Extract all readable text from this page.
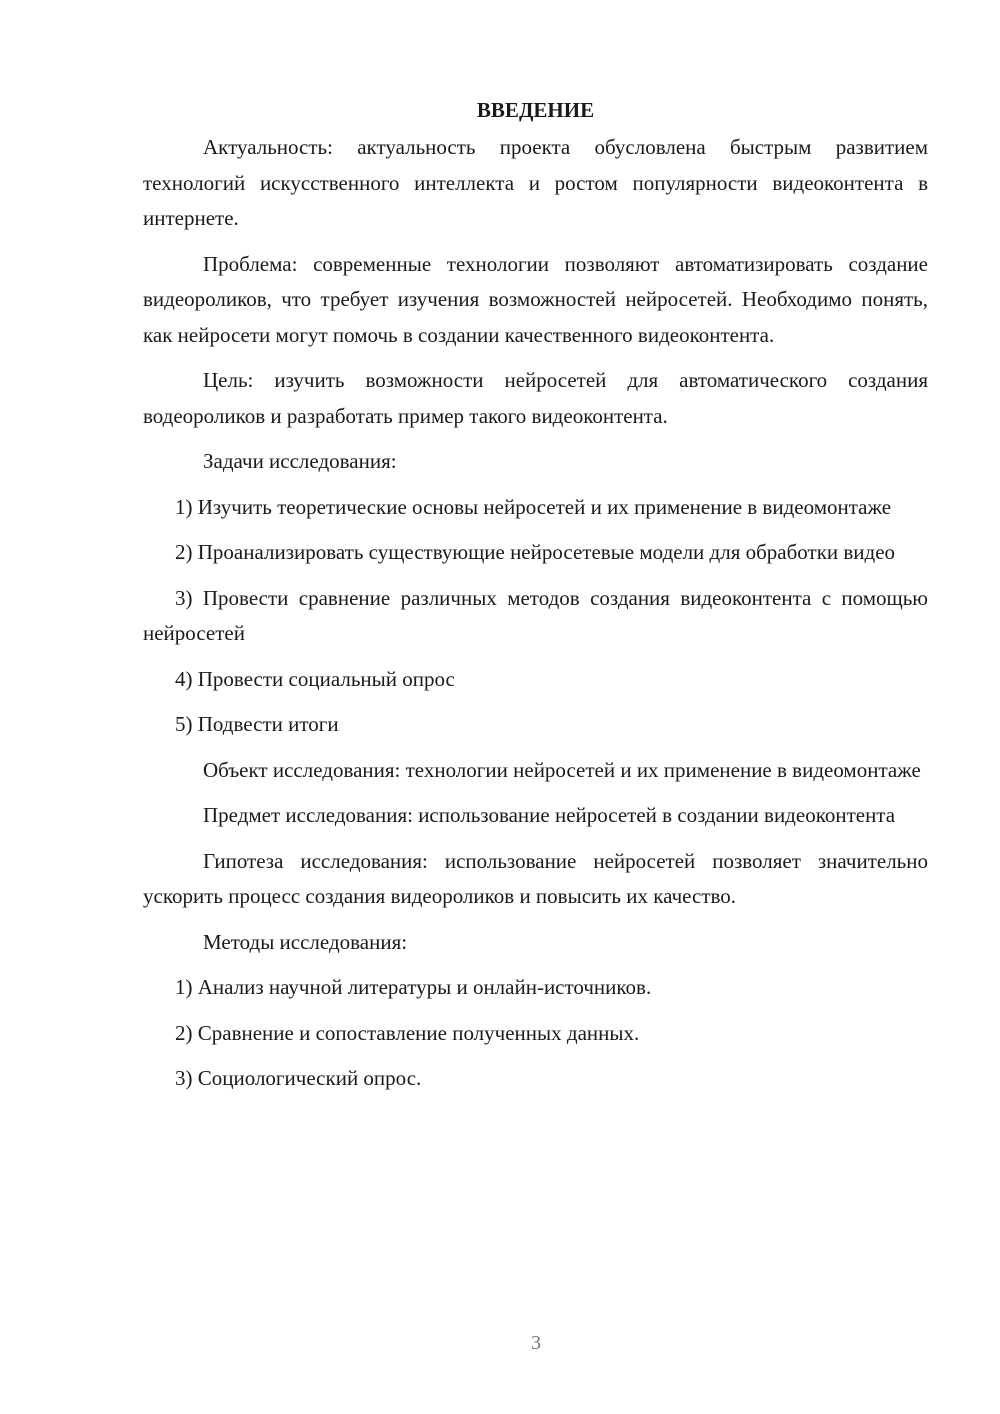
ВВЕДЕНИЕ

Актуальность: актуальность проекта обусловлена быстрым развитием технологий искусственного интеллекта и ростом популярности видеоконтента в интернете.

Проблема: современные технологии позволяют автоматизировать создание видеороликов, что требует изучения возможностей нейросетей. Необходимо понять, как нейросети могут помочь в создании качественного видеоконтента.

Цель: изучить возможности нейросетей для автоматического создания водеороликов и разработать пример такого видеоконтента.

Задачи исследования:

1) Изучить теоретические основы нейросетей и их применение в видеомонтаже

2) Проанализировать существующие нейросетевые модели для обработки видео

3) Провести сравнение различных методов создания видеоконтента с помощью нейросетей

4) Провести социальный опрос

5) Подвести итоги

Объект исследования: технологии нейросетей и их применение в видеомонтаже

Предмет исследования: использование нейросетей в создании видеоконтента

Гипотеза исследования: использование нейросетей позволяет значительно ускорить процесс создания видеороликов и повысить их качество.

Методы исследования:

1) Анализ научной литературы и онлайн-источников.

2) Сравнение и сопоставление полученных данных.

3) Социологический опрос.

3
